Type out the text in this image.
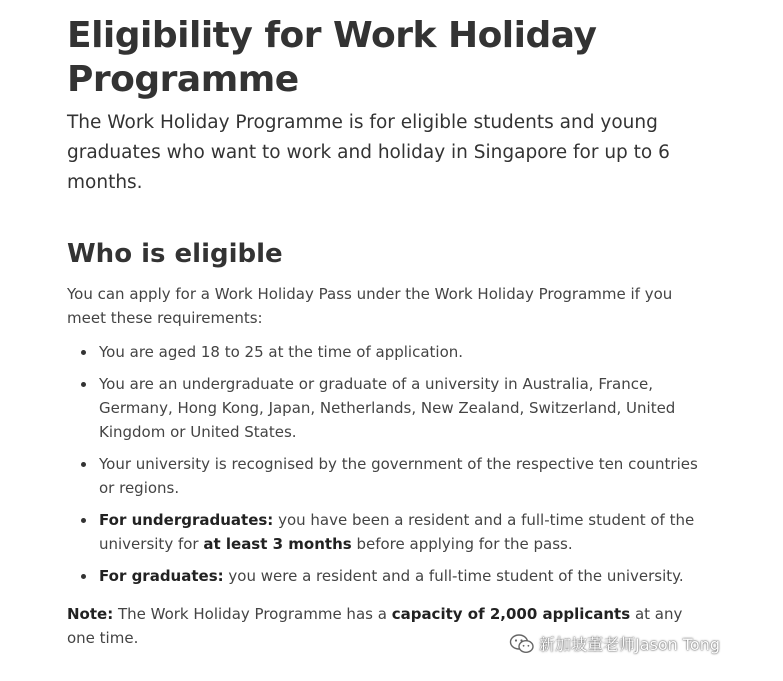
Eligibility for Work Holiday Programme

The Work Holiday Programme is for eligible students and young graduates who want to work and holiday in Singapore for up to 6 months.

Who is eligible

You can apply for a Work Holiday Pass under the Work Holiday Programme if you meet these requirements:

You are aged 18 to 25 at the time of application.
You are an undergraduate or graduate of a university in Australia, France, Germany, Hong Kong, Japan, Netherlands, New Zealand, Switzerland, United Kingdom or United States.
Your university is recognised by the government of the respective ten countries or regions.
For undergraduates: you have been a resident and a full-time student of the university for at least 3 months before applying for the pass.
For graduates: you were a resident and a full-time student of the university.

Note: The Work Holiday Programme has a capacity of 2,000 applicants at any one time.	新加坡董老师Jason Tong
